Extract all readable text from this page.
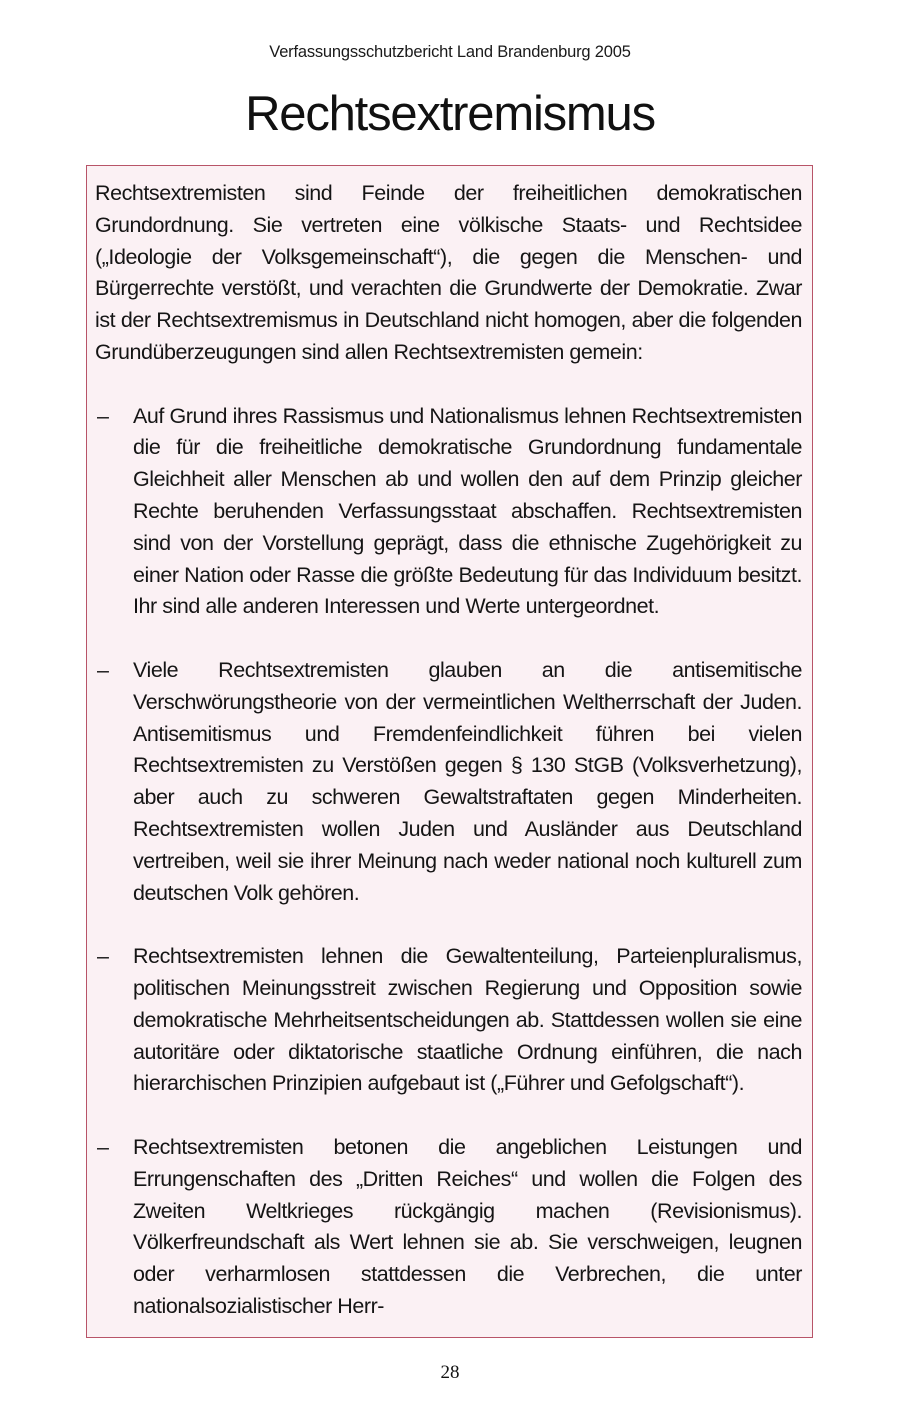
Verfassungsschutzbericht Land Brandenburg 2005
Rechtsextremismus

Rechtsextremisten sind Feinde der freiheitlichen demokratischen Grundordnung. Sie vertreten eine völkische Staats- und Rechtsidee („Ideologie der Volksgemeinschaft“), die gegen die Menschen- und Bürgerrechte verstößt, und verachten die Grundwerte der Demokratie. Zwar ist der Rechtsextremismus in Deutschland nicht homogen, aber die folgenden Grundüberzeugungen sind allen Rechtsextremisten gemein:

–	Auf Grund ihres Rassismus und Nationalismus lehnen Rechtsextremisten die für die freiheitliche demokratische Grundordnung fundamentale Gleichheit aller Menschen ab und wollen den auf dem Prinzip gleicher Rechte beruhenden Verfassungsstaat abschaffen. Rechtsextremisten sind von der Vorstellung geprägt, dass die ethnische Zugehörigkeit zu einer Nation oder Rasse die größte Bedeutung für das Individuum besitzt. Ihr sind alle anderen Interessen und Werte untergeordnet.
–	Viele Rechtsextremisten glauben an die antisemitische Verschwörungstheorie von der vermeintlichen Weltherrschaft der Juden. Antisemitismus und Fremdenfeindlichkeit führen bei vielen Rechtsextremisten zu Verstößen gegen § 130 StGB (Volksverhetzung), aber auch zu schweren Gewaltstraftaten gegen Minderheiten. Rechtsextremisten wollen Juden und Ausländer aus Deutschland vertreiben, weil sie ihrer Meinung nach weder national noch kulturell zum deutschen Volk gehören.
–	Rechtsextremisten lehnen die Gewaltenteilung, Parteienpluralismus, politischen Meinungsstreit zwischen Regierung und Opposition sowie demokratische Mehrheitsentscheidungen ab. Stattdessen wollen sie eine autoritäre oder diktatorische staatliche Ordnung einführen, die nach hierarchischen Prinzipien aufgebaut ist („Führer und Gefolgschaft“).
–	Rechtsextremisten betonen die angeblichen Leistungen und Errungenschaften des „Dritten Reiches“ und wollen die Folgen des Zweiten Weltkrieges rückgängig machen (Revisionismus). Völkerfreundschaft als Wert lehnen sie ab. Sie verschweigen, leugnen oder verharmlosen stattdessen die Verbrechen, die unter nationalsozialistischer Herr-
28
